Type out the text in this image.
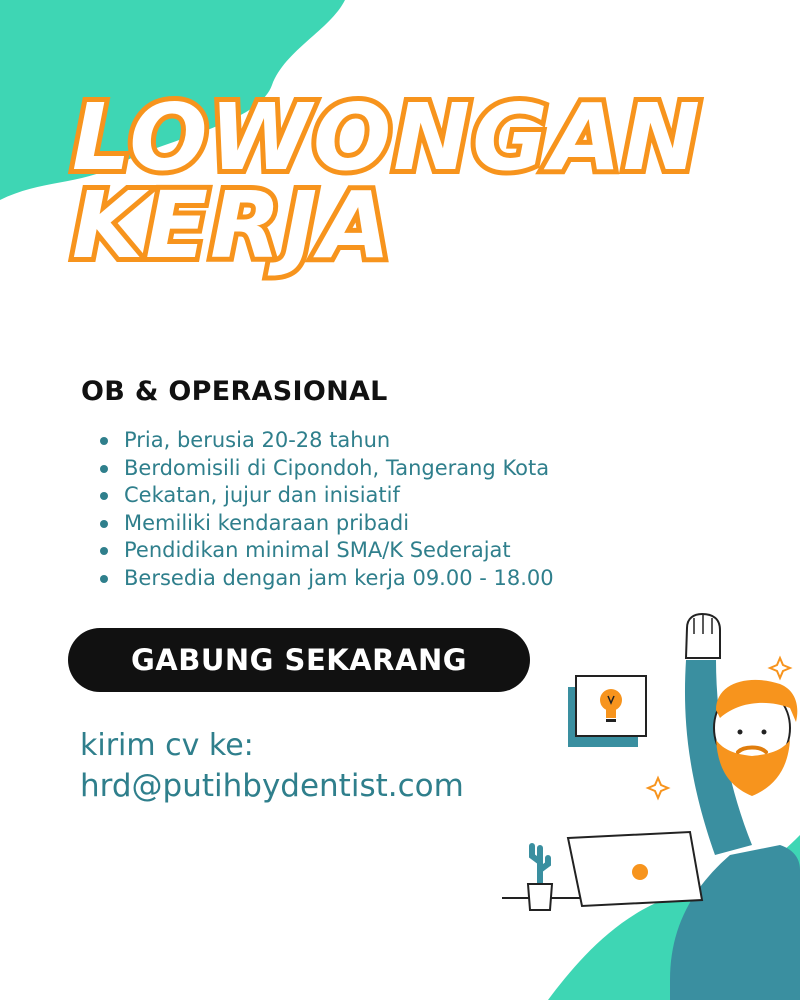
LOWONGAN
KERJA
OB & OPERASIONAL
Pria, berusia 20-28 tahun
Berdomisili di Cipondoh, Tangerang Kota
Cekatan, jujur dan inisiatif
Memiliki kendaraan pribadi
Pendidikan minimal SMA/K Sederajat
Bersedia dengan jam kerja 09.00 - 18.00
GABUNG SEKARANG
kirim cv ke:
hrd@putihbydentist.com
